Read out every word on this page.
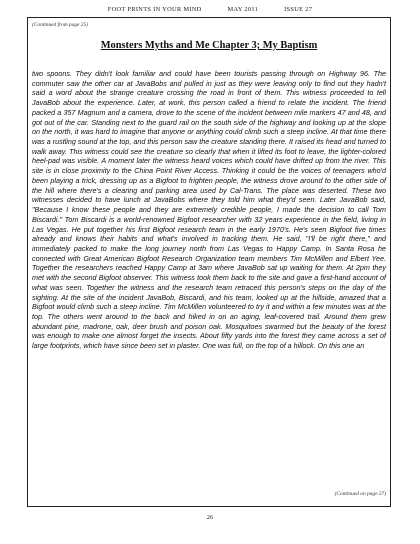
FOOT PRINTS IN YOUR MIND	MAY 2011	ISSUE 27
(Continued from page 25)
Monsters Myths and Me Chapter 3; My Baptism

two spoons. They didn't look familiar and could have been tourists passing through on Highway 96. The commuter saw the other car at JavaBobs and pulled in just as they were leaving only to find out they hadn't said a word about the strange creature crossing the road in front of them. This witness proceeded to tell JavaBob about the experience. Later, at work, this person called a friend to relate the incident. The friend packed a 357 Magnum and a camera, drove to the scene of the incident between mile markers 47 and 48, and got out of the car. Standing next to the guard rail on the south side of the highway and looking up at the slope on the north, it was hard to imagine that anyone or anything could climb such a steep incline. At that time there was a rustling sound at the top, and this person saw the creature standing there. It raised its head and turned to walk away. This witness could see the creature so clearly that when it lifted its foot to leave, the lighter-colored heel-pad was visible. A moment later the witness heard voices which could have drifted up from the river. This site is in close proximity to the China Point River Access. Thinking it could be the voices of teenagers who'd been playing a trick, dressing up as a Bigfoot to frighten people, the witness drove around to the other side of the hill where there's a clearing and parking area used by Cal-Trans. The place was deserted. These two witnesses decided to have lunch at JavaBobs where they told him what they'd seen. Later JavaBob said, "Because I know these people and they are extremely credible people, I made the decision to call Tom Biscardi." Tom Biscardi is a world-renowned Bigfoot researcher with 32 years experience in the field, living in Las Vegas. He put together his first Bigfoot research team in the early 1970's. He's seen Bigfoot five times already and knows their habits and what's involved in tracking them. He said, "I'll be right there," and immediately packed to make the long journey north from Las Vegas to Happy Camp. In Santa Rosa he connected with Great American Bigfoot Research Organization team members Tim McMillen and Elbert Yee. Together the researchers reached Happy Camp at 3am where JavaBob sat up waiting for them. At 2pm they met with the second Bigfoot observer. This witness took them back to the site and gave a first-hand account of what was seen. Together the witness and the research team retraced this person's steps on the day of the sighting. At the site of the incident JavaBob, Biscardi, and his team, looked up at the hillside, amazed that a Bigfoot would climb such a steep incline. Tim McMillen volunteered to try it and within a few minutes was at the top. The others went around to the back and hiked in on an aging, leaf-covered trail. Around them grew abundant pine, madrone, oak, deer brush and poison oak. Mosquitoes swarmed but the beauty of the forest was enough to make one almost forget the insects. About fifty yards into the forest they came across a set of large footprints, which have since been set in plaster. One was full, on the top of a hillock. On this one an

(Continued on page 27)
26
